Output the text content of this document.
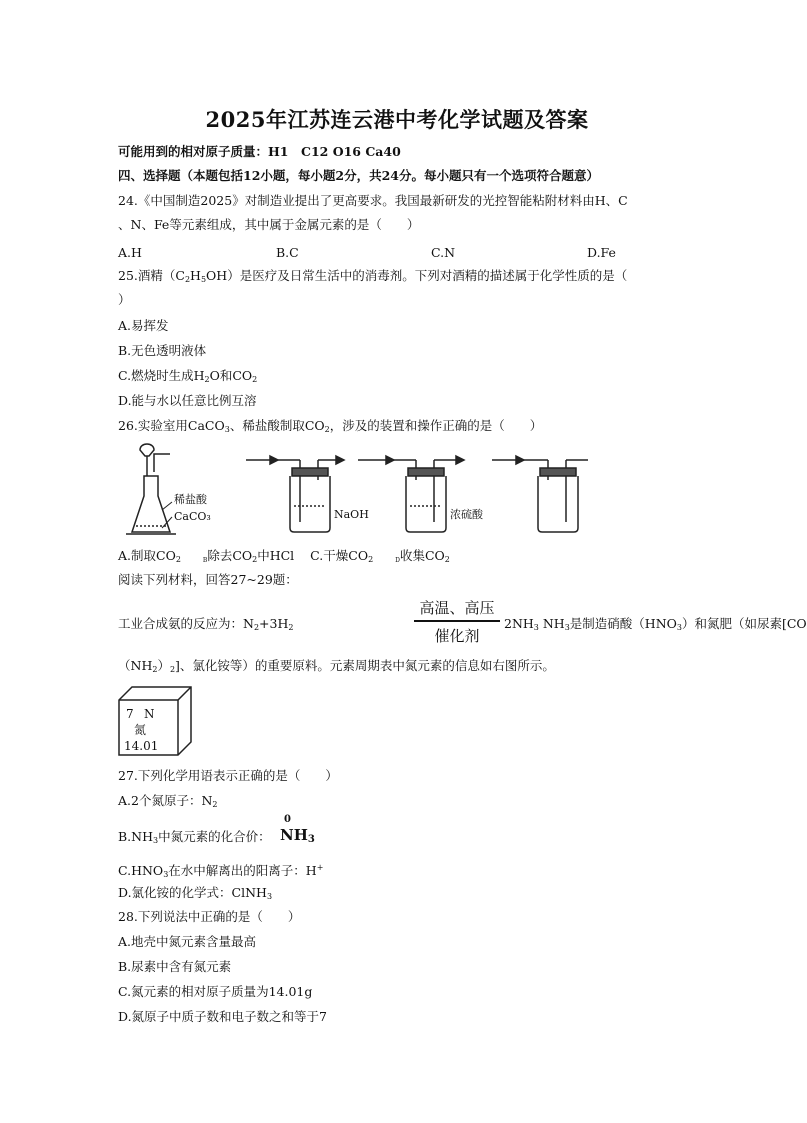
2025年江苏连云港中考化学试题及答案
可能用到的相对原子质量：H1　C12 O16 Ca40
四、选择题（本题包括12小题，每小题2分，共24分。每小题只有一个选项符合题意）
24.《中国制造2025》对制造业提出了更高要求。我国最新研发的光控智能粘附材料由H、C
、N、Fe等元素组成，其中属于金属元素的是（　　）
A.H	B.C	C.N	D.Fe
25.酒精$(C_2H_5OH)$是医疗及日常生活中的消毒剂。下列对酒精的描述属于化学性质的是（
）
A.易挥发
B.无色透明液体
C.燃烧时生成$H_2O$和$CO_2$
D.能与水以任意比例互溶
26.实验室用CaCO$_3$、稀盐酸制取$CO_2$，涉及的装置和操作正确的是（　　）
稀盐酸
CaCO₃	NaOH	浓硫酸
A.制取$CO_2$	$_B$除去$CO_2$中HCl C.干燥$CO_2$	$_D$收集$CO_2$
阅读下列材料，回答27~29题：
工业合成氨的反应为：$N_2+3H_2$
高温、高压
催化剂
$2NH_3$ $NH_3$是制造硝酸$(HNO_3)$和氮肥（如尿素[CO
$(NH_2)_2$]、氯化铵等）的重要原料。元素周期表中氮元素的信息如右图所示。
7 N
氮
14.01
27.下列化学用语表示正确的是（　　）
A.2个氮原子：$N_2$
$B.NH_3$中氮元素的化合价：
0
$NH_3$
$C.HNO_3$在水中解离出的阳离子：H+
D.氯化铵的化学式：ClNH$_3$
28.下列说法中正确的是（　　）
A.地壳中氮元素含量最高
B.尿素中含有氮元素
C.氮元素的相对原子质量为14.01g
D.氮原子中质子数和电子数之和等于7
